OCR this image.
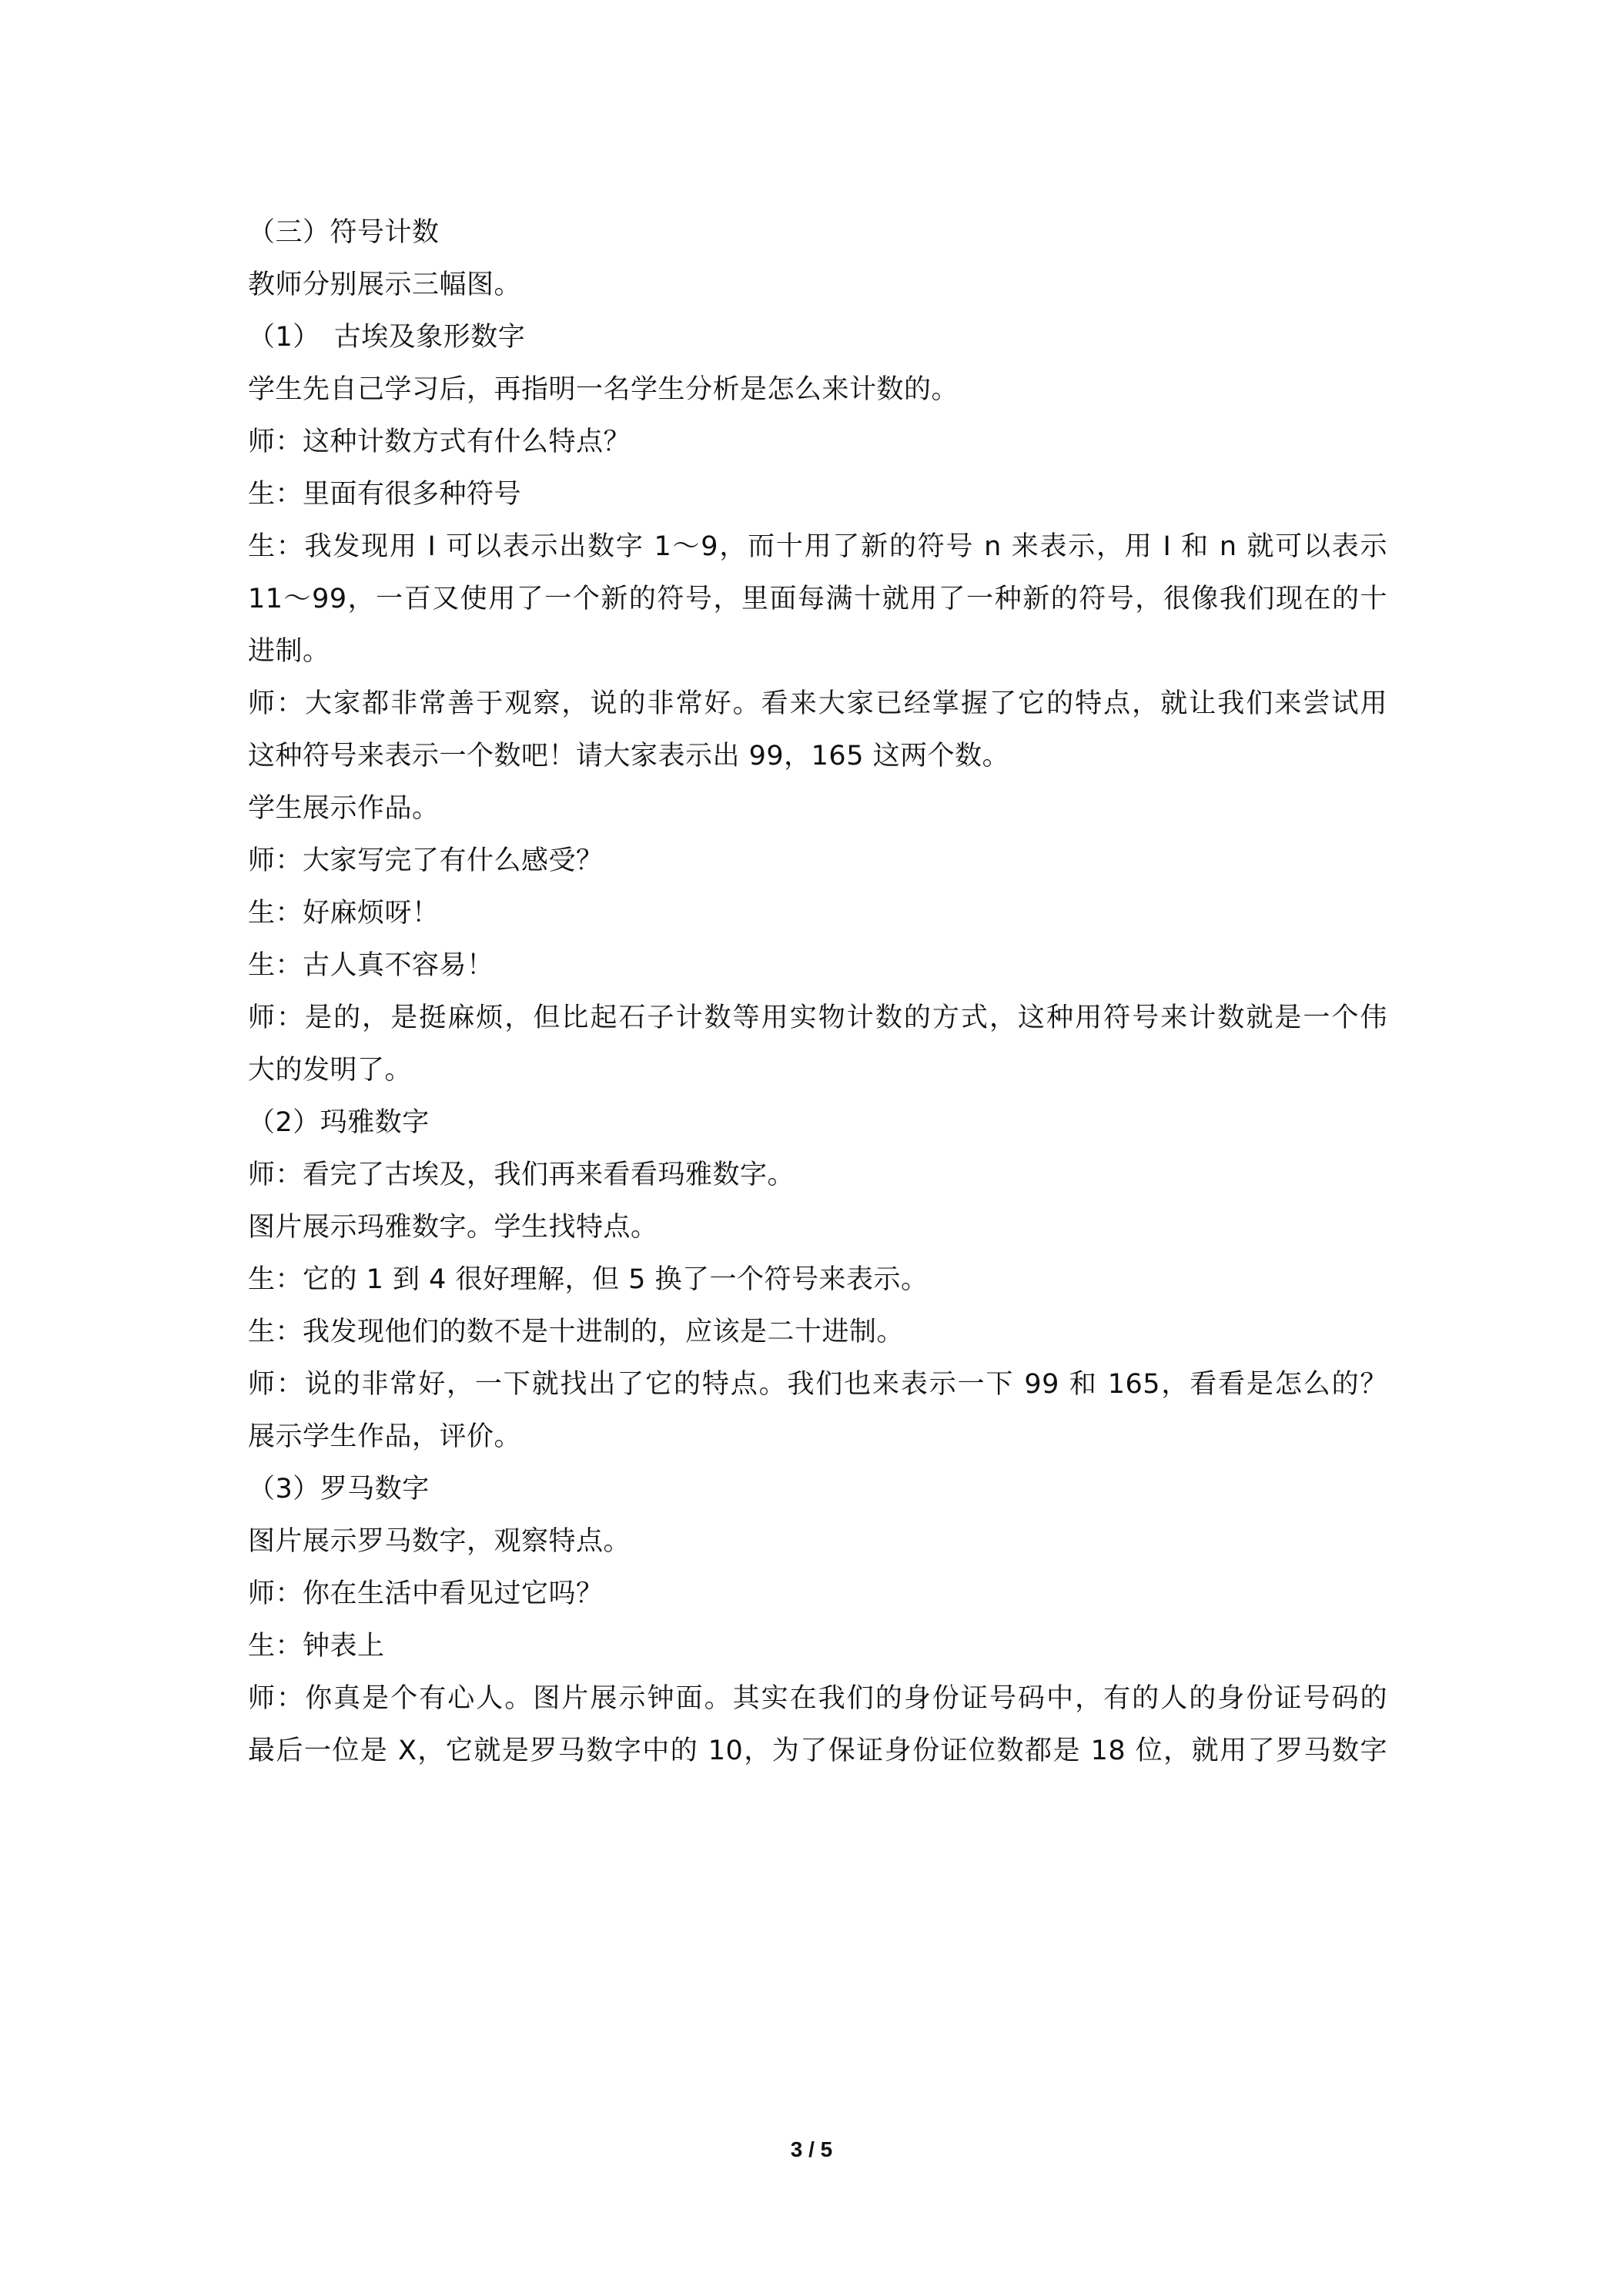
（三）符号计数
教师分别展示三幅图。
（1）　古埃及象形数字
学生先自己学习后，再指明一名学生分析是怎么来计数的。
师：这种计数方式有什么特点？
生：里面有很多种符号
生：我发现用 I 可以表示出数字 1～9，而十用了新的符号 n 来表示，用 I 和 n 就可以表示
11～99，一百又使用了一个新的符号，里面每满十就用了一种新的符号，很像我们现在的十
进制。
师：大家都非常善于观察，说的非常好。看来大家已经掌握了它的特点，就让我们来尝试用
这种符号来表示一个数吧！请大家表示出 99，165 这两个数。
学生展示作品。
师：大家写完了有什么感受？
生：好麻烦呀！
生：古人真不容易！
师：是的，是挺麻烦，但比起石子计数等用实物计数的方式，这种用符号来计数就是一个伟
大的发明了。
（2）玛雅数字
师：看完了古埃及，我们再来看看玛雅数字。
图片展示玛雅数字。学生找特点。
生：它的 1 到 4 很好理解，但 5 换了一个符号来表示。
生：我发现他们的数不是十进制的，应该是二十进制。
师：说的非常好，一下就找出了它的特点。我们也来表示一下 99 和 165，看看是怎么的？
展示学生作品，评价。
（3）罗马数字
图片展示罗马数字，观察特点。
师：你在生活中看见过它吗？
生：钟表上
师：你真是个有心人。图片展示钟面。其实在我们的身份证号码中，有的人的身份证号码的
最后一位是 X，它就是罗马数字中的 10，为了保证身份证位数都是 18 位，就用了罗马数字
3 / 5
